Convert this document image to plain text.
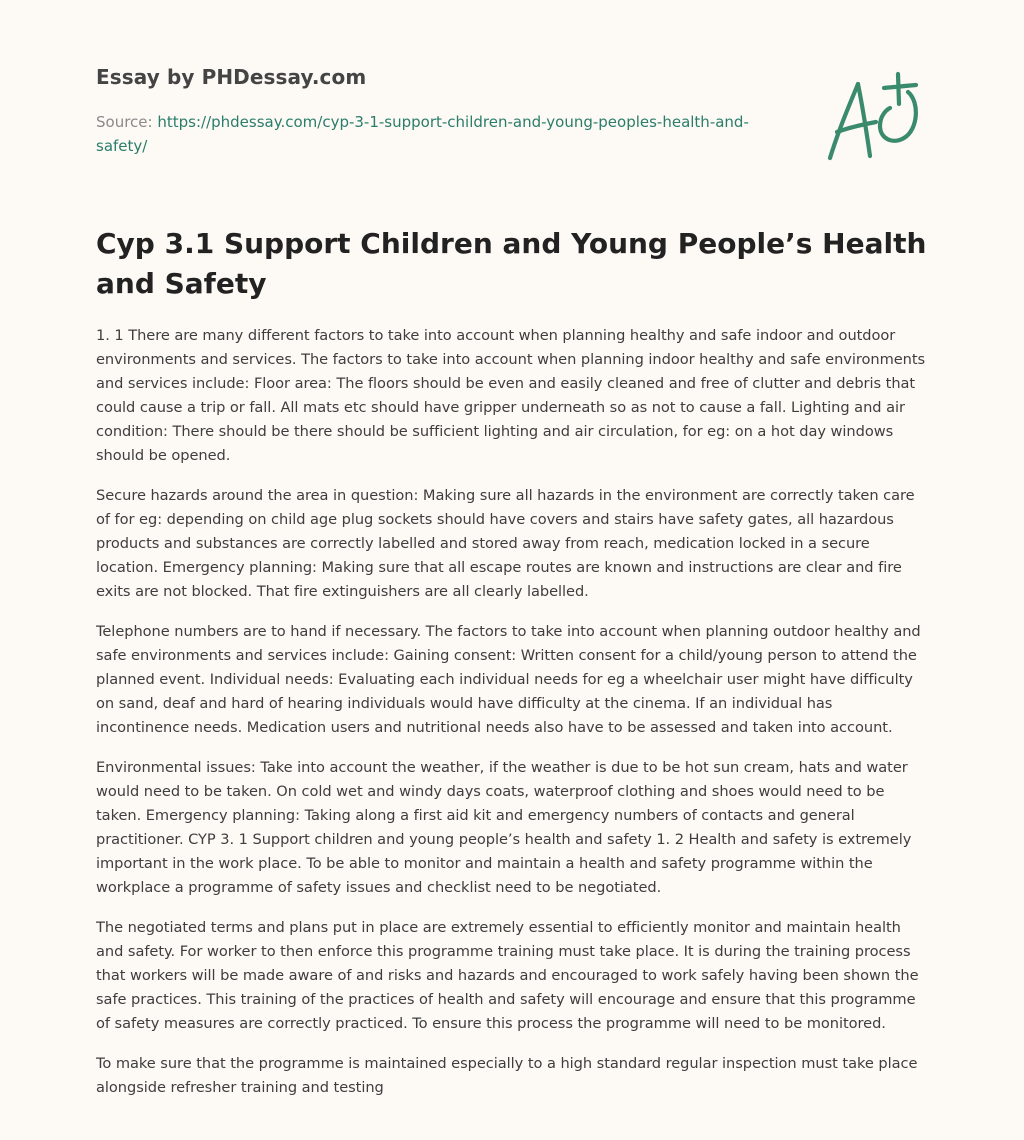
Essay by PHDessay.com
Source: https://phdessay.com/cyp-3-1-support-children-and-young-peoples-health-and-safety/
Cyp 3.1 Support Children and Young People’s Health and Safety

1. 1 There are many different factors to take into account when planning healthy and safe indoor and outdoor environments and services. The factors to take into account when planning indoor healthy and safe environments and services include: Floor area: The floors should be even and easily cleaned and free of clutter and debris that could cause a trip or fall. All mats etc should have gripper underneath so as not to cause a fall. Lighting and air condition: There should be there should be sufficient lighting and air circulation, for eg: on a hot day windows should be opened.

Secure hazards around the area in question: Making sure all hazards in the environment are correctly taken care of for eg: depending on child age plug sockets should have covers and stairs have safety gates, all hazardous products and substances are correctly labelled and stored away from reach, medication locked in a secure location. Emergency planning: Making sure that all escape routes are known and instructions are clear and fire exits are not blocked. That fire extinguishers are all clearly labelled.

Telephone numbers are to hand if necessary. The factors to take into account when planning outdoor healthy and safe environments and services include: Gaining consent: Written consent for a child/young person to attend the planned event. Individual needs: Evaluating each individual needs for eg a wheelchair user might have difficulty on sand, deaf and hard of hearing individuals would have difficulty at the cinema. If an individual has incontinence needs. Medication users and nutritional needs also have to be assessed and taken into account.

Environmental issues: Take into account the weather, if the weather is due to be hot sun cream, hats and water would need to be taken. On cold wet and windy days coats, waterproof clothing and shoes would need to be taken. Emergency planning: Taking along a first aid kit and emergency numbers of contacts and general practitioner. CYP 3. 1 Support children and young people’s health and safety 1. 2 Health and safety is extremely important in the work place. To be able to monitor and maintain a health and safety programme within the workplace a programme of safety issues and checklist need to be negotiated.

The negotiated terms and plans put in place are extremely essential to efficiently monitor and maintain health and safety. For worker to then enforce this programme training must take place. It is during the training process that workers will be made aware of and risks and hazards and encouraged to work safely having been shown the safe practices. This training of the practices of health and safety will encourage and ensure that this programme of safety measures are correctly practiced. To ensure this process the programme will need to be monitored.

To make sure that the programme is maintained especially to a high standard regular inspection must take place alongside refresher training and testing
